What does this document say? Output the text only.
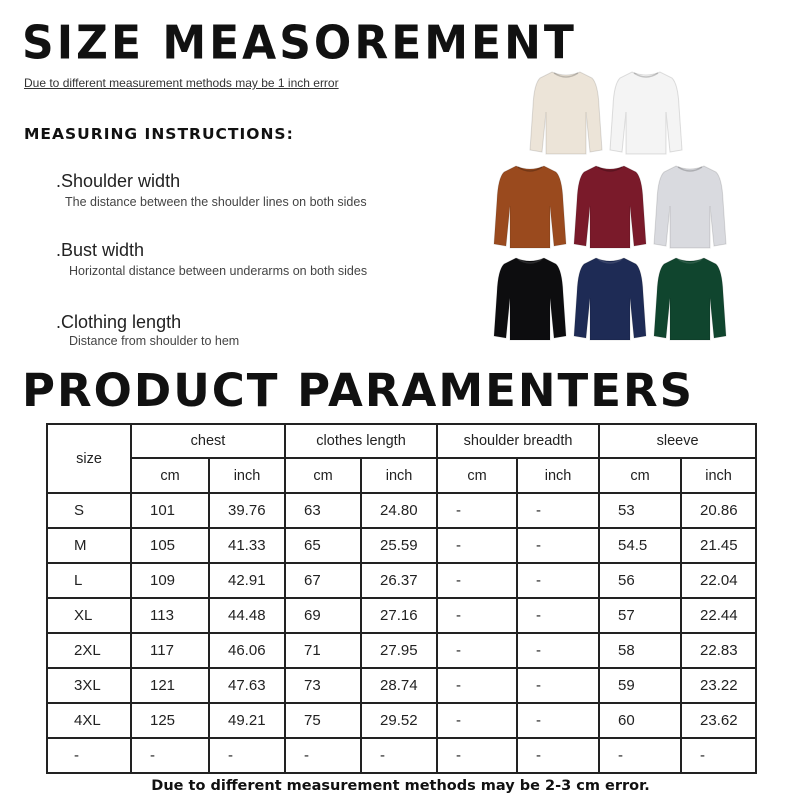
SIZE MEASOREMENT
Due to different measurement methods may be 1 inch error
MEASURING INSTRUCTIONS:
.Shoulder width
The distance between the shoulder lines on both sides
.Bust width
Horizontal distance between underarms on both sides
.Clothing length
Distance from shoulder to hem
PRODUCT PARAMENTERS
size	chest		clothes length		shoulder breadth		sleeve	
	cm	inch	cm	inch	cm	inch	cm	inch
S	101	39.76	63	24.80	-	-	53	20.86
M	105	41.33	65	25.59	-	-	54.5	21.45
L	109	42.91	67	26.37	-	-	56	22.04
XL	113	44.48	69	27.16	-	-	57	22.44
2XL	117	46.06	71	27.95	-	-	58	22.83
3XL	121	47.63	73	28.74	-	-	59	23.22
4XL	125	49.21	75	29.52	-	-	60	23.62
-	-	-	-	-	-	-	-	-
Due to different measurement methods may be 2-3 cm error.
